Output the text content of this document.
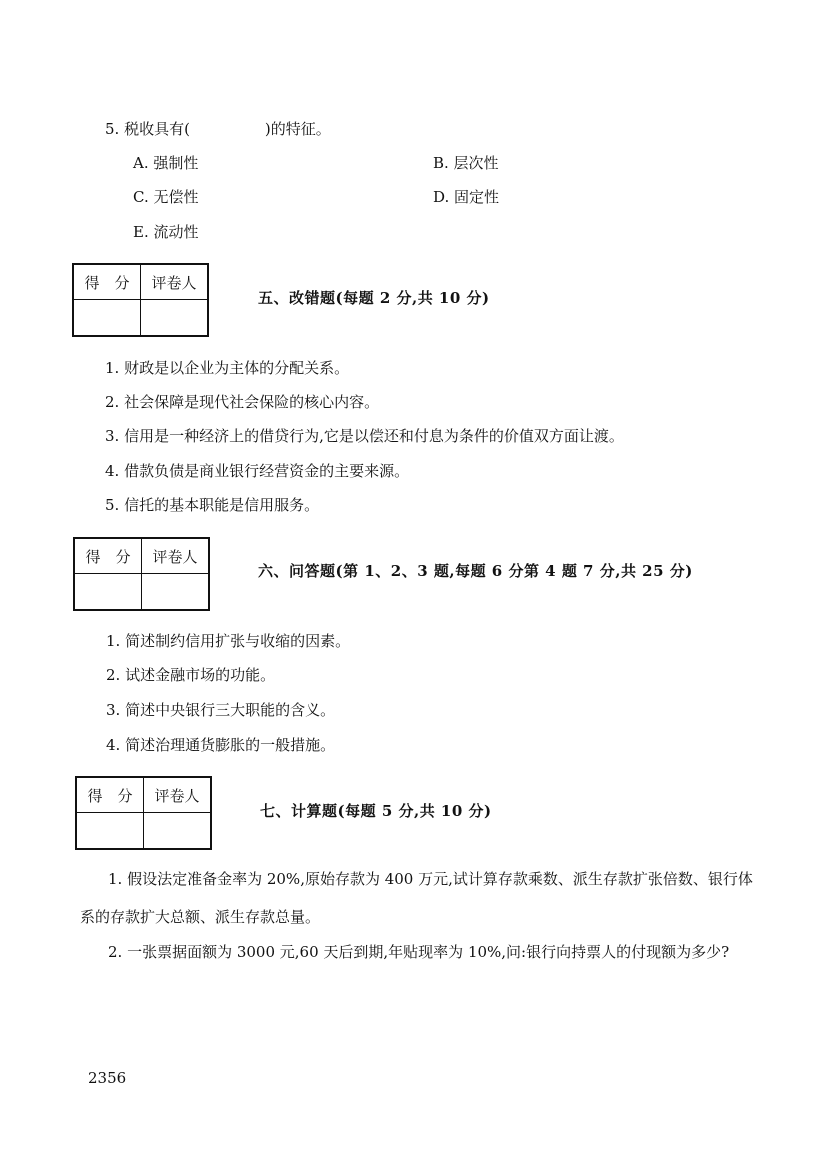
5. 税收具有(　　　　　)的特征。
A. 强制性	B. 层次性
C. 无偿性	D. 固定性
E. 流动性
得　分	评卷人

五、改错题(每题 2 分,共 10 分)
1. 财政是以企业为主体的分配关系。
2. 社会保障是现代社会保险的核心内容。
3. 信用是一种经济上的借贷行为,它是以偿还和付息为条件的价值双方面让渡。
4. 借款负债是商业银行经营资金的主要来源。
5. 信托的基本职能是信用服务。
得　分	评卷人

六、问答题(第 1、2、3 题,每题 6 分第 4 题 7 分,共 25 分)
1. 简述制约信用扩张与收缩的因素。
2. 试述金融市场的功能。
3. 简述中央银行三大职能的含义。
4. 简述治理通货膨胀的一般措施。
得　分	评卷人

七、计算题(每题 5 分,共 10 分)
1. 假设法定准备金率为 20%,原始存款为 400 万元,试计算存款乘数、派生存款扩张倍数、银行体系的存款扩大总额、派生存款总量。
2. 一张票据面额为 3000 元,60 天后到期,年贴现率为 10%,问:银行向持票人的付现额为多少?
2356
